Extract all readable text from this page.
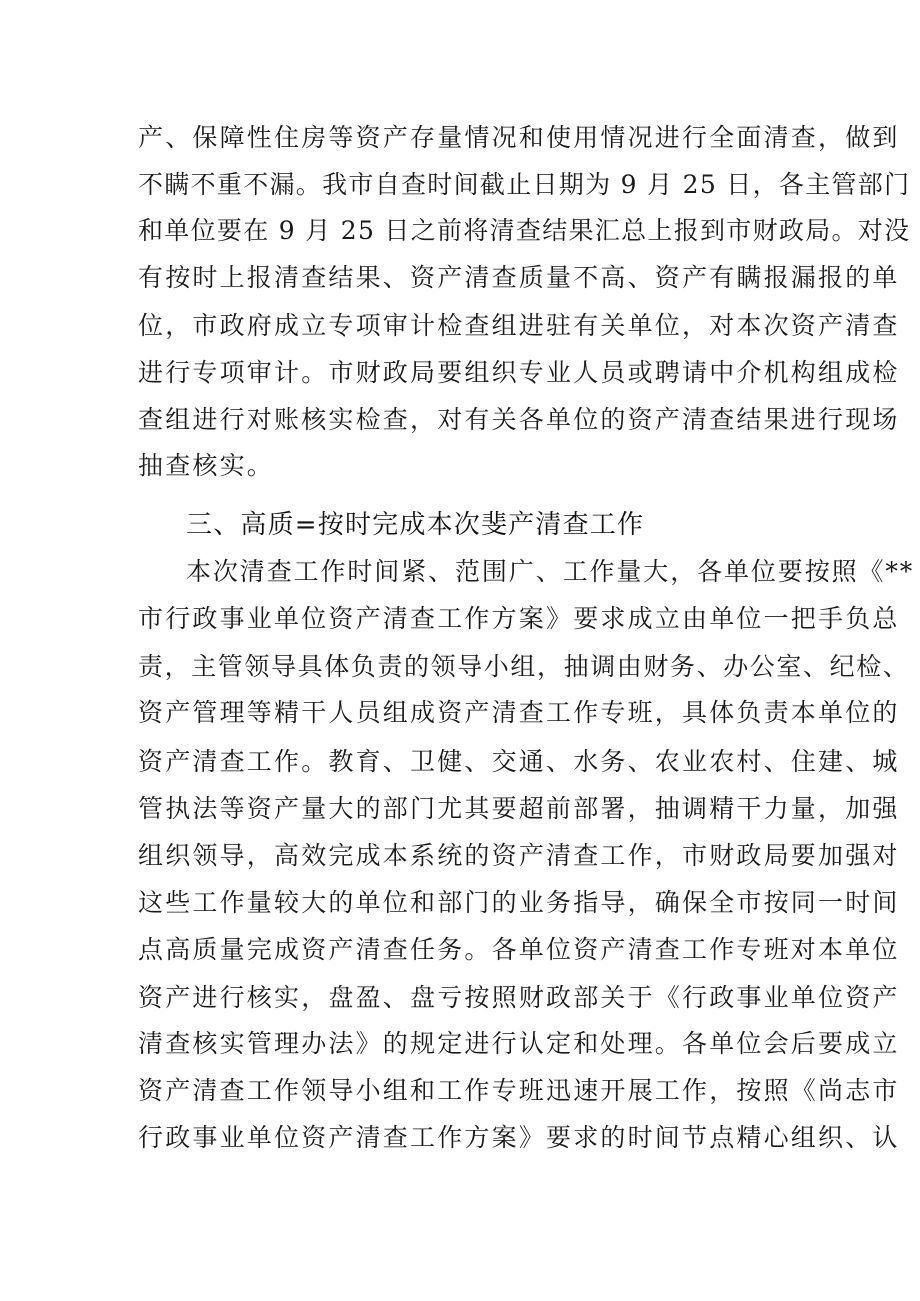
产、保障性住房等资产存量情况和使用情况进行全面清查，做到
不瞒不重不漏。我市自查时间截止日期为 9 月 25 日，各主管部门
和单位要在 9 月 25 日之前将清查结果汇总上报到市财政局。对没
有按时上报清查结果、资产清查质量不高、资产有瞒报漏报的单
位，市政府成立专项审计检查组进驻有关单位，对本次资产清查
进行专项审计。市财政局要组织专业人员或聘请中介机构组成检
查组进行对账核实检查，对有关各单位的资产清查结果进行现场
抽查核实。
三、高质=按时完成本次斐产清查工作
本次清查工作时间紧、范围广、工作量大，各单位要按照《**
市行政事业单位资产清查工作方案》要求成立由单位一把手负总
责，主管领导具体负责的领导小组，抽调由财务、办公室、纪检、
资产管理等精干人员组成资产清查工作专班，具体负责本单位的
资产清查工作。教育、卫健、交通、水务、农业农村、住建、城
管执法等资产量大的部门尤其要超前部署，抽调精干力量，加强
组织领导，高效完成本系统的资产清查工作，市财政局要加强对
这些工作量较大的单位和部门的业务指导，确保全市按同一时间
点高质量完成资产清查任务。各单位资产清查工作专班对本单位
资产进行核实，盘盈、盘亏按照财政部关于《行政事业单位资产
清查核实管理办法》的规定进行认定和处理。各单位会后要成立
资产清查工作领导小组和工作专班迅速开展工作，按照《尚志市
行政事业单位资产清查工作方案》要求的时间节点精心组织、认
